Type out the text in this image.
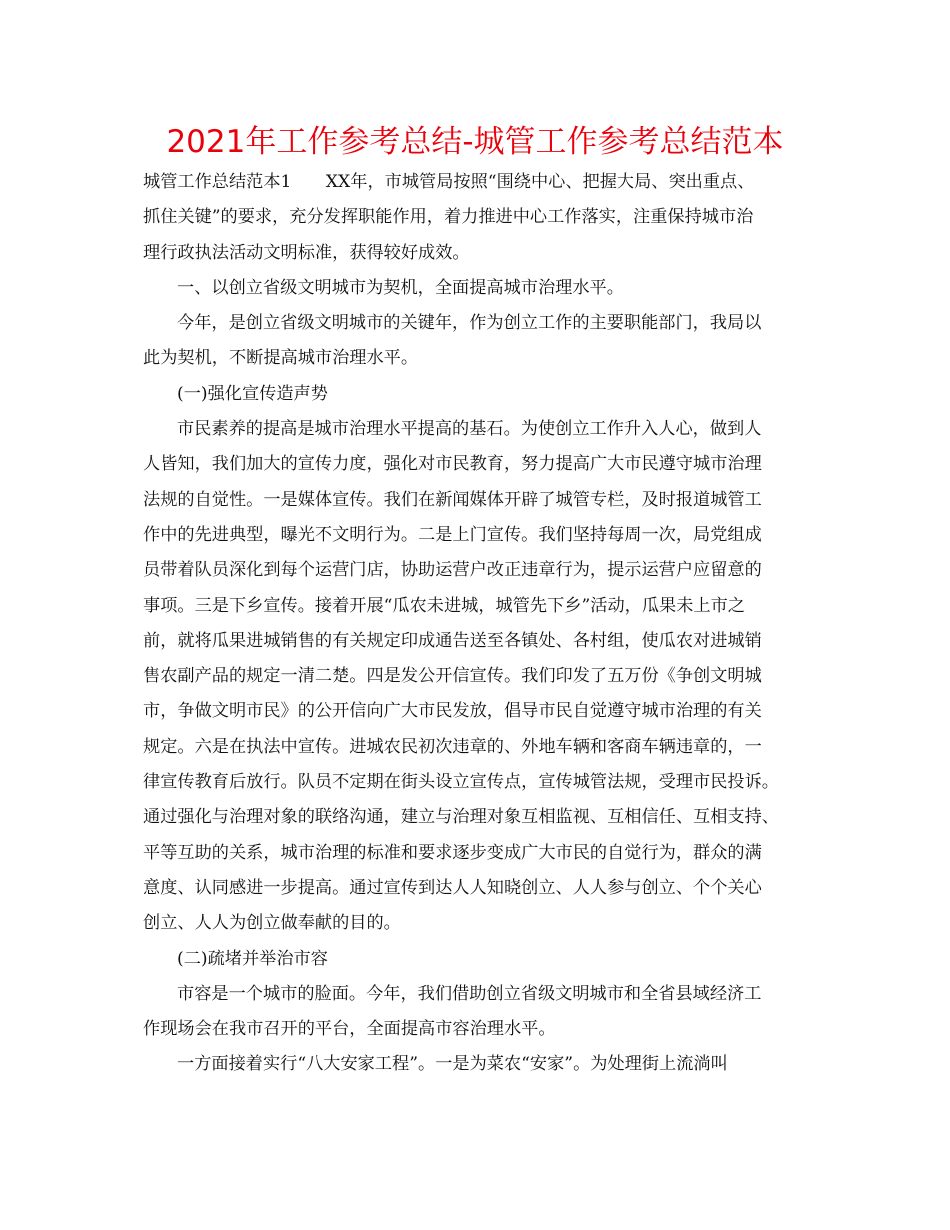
2021年工作参考总结-城管工作参考总结范本
城管工作总结范本1　　XX年，市城管局按照“围绕中心、把握大局、突出重点、
抓住关键”的要求，充分发挥职能作用，着力推进中心工作落实，注重保持城市治
理行政执法活动文明标准，获得较好成效。
一、以创立省级文明城市为契机，全面提高城市治理水平。
今年，是创立省级文明城市的关键年，作为创立工作的主要职能部门，我局以
此为契机，不断提高城市治理水平。
(一)强化宣传造声势
市民素养的提高是城市治理水平提高的基石。为使创立工作升入人心，做到人
人皆知，我们加大的宣传力度，强化对市民教育，努力提高广大市民遵守城市治理
法规的自觉性。一是媒体宣传。我们在新闻媒体开辟了城管专栏，及时报道城管工
作中的先进典型，曝光不文明行为。二是上门宣传。我们坚持每周一次，局党组成
员带着队员深化到每个运营门店，协助运营户改正违章行为，提示运营户应留意的
事项。三是下乡宣传。接着开展“瓜农未进城，城管先下乡”活动，瓜果未上市之
前，就将瓜果进城销售的有关规定印成通告送至各镇处、各村组，使瓜农对进城销
售农副产品的规定一清二楚。四是发公开信宣传。我们印发了五万份《争创文明城
市，争做文明市民》的公开信向广大市民发放，倡导市民自觉遵守城市治理的有关
规定。六是在执法中宣传。进城农民初次违章的、外地车辆和客商车辆违章的，一
律宣传教育后放行。队员不定期在街头设立宣传点，宣传城管法规，受理市民投诉。
通过强化与治理对象的联络沟通，建立与治理对象互相监视、互相信任、互相支持、
平等互助的关系，城市治理的标准和要求逐步变成广大市民的自觉行为，群众的满
意度、认同感进一步提高。通过宣传到达人人知晓创立、人人参与创立、个个关心
创立、人人为创立做奉献的目的。
(二)疏堵并举治市容
市容是一个城市的脸面。今年，我们借助创立省级文明城市和全省县域经济工
作现场会在我市召开的平台，全面提高市容治理水平。
一方面接着实行“八大安家工程”。一是为菜农“安家”。为处理街上流淌叫
